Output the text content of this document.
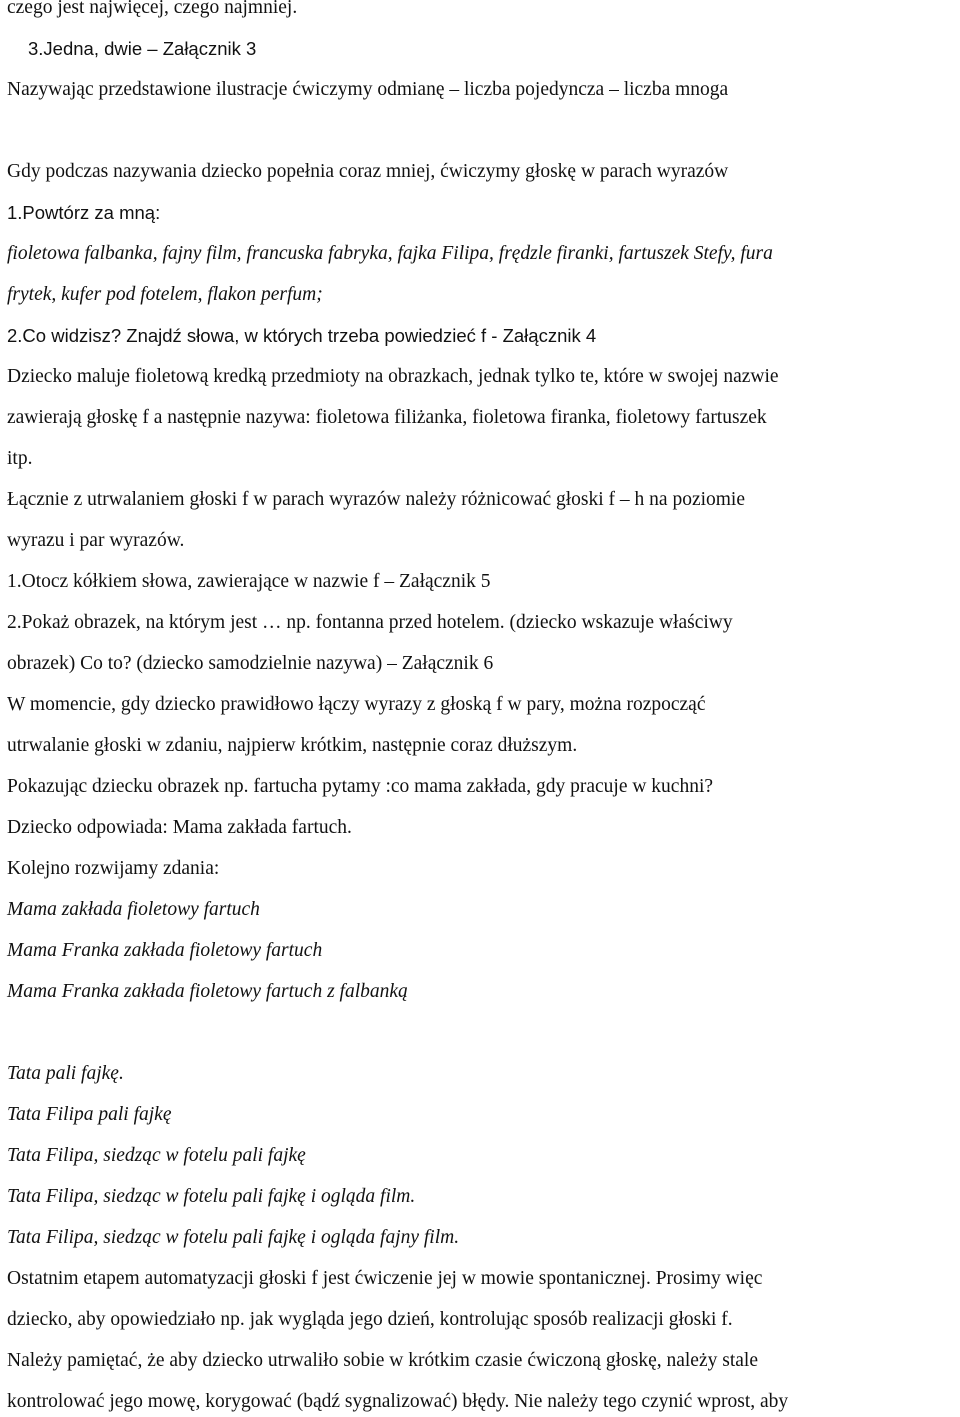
czego jest najwięcej, czego najmniej.
3.Jedna, dwie – Załącznik 3
Nazywając przedstawione ilustracje ćwiczymy odmianę – liczba pojedyncza – liczba mnoga
Gdy podczas nazywania dziecko popełnia coraz mniej, ćwiczymy głoskę w parach wyrazów
1.Powtórz za mną:
fioletowa falbanka, fajny film, francuska fabryka, fajka Filipa, frędzle firanki, fartuszek Stefy, fura
frytek, kufer pod fotelem, flakon perfum;
2.Co widzisz? Znajdź słowa, w których trzeba powiedzieć f - Załącznik 4
Dziecko maluje fioletową kredką przedmioty na obrazkach, jednak tylko te, które w swojej nazwie
zawierają głoskę f a następnie nazywa: fioletowa filiżanka, fioletowa firanka, fioletowy fartuszek
itp.
Łącznie z utrwalaniem głoski f w parach wyrazów należy różnicować głoski f – h na poziomie
wyrazu i par wyrazów.
1.Otocz kółkiem słowa, zawierające w nazwie f – Załącznik 5
2.Pokaż obrazek, na którym jest … np. fontanna przed hotelem. (dziecko wskazuje właściwy
obrazek) Co to? (dziecko samodzielnie nazywa) – Załącznik 6
W momencie, gdy dziecko prawidłowo łączy wyrazy z głoską f w pary, można rozpocząć
utrwalanie głoski w zdaniu, najpierw krótkim, następnie coraz dłuższym.
Pokazując dziecku obrazek np. fartucha pytamy :co mama zakłada, gdy pracuje w kuchni?
Dziecko odpowiada: Mama zakłada fartuch.
Kolejno rozwijamy zdania:
Mama zakłada fioletowy fartuch
Mama Franka zakłada fioletowy fartuch
Mama Franka zakłada fioletowy fartuch z falbanką
Tata pali fajkę.
Tata Filipa pali fajkę
Tata Filipa, siedząc w fotelu pali fajkę
Tata Filipa, siedząc w fotelu pali fajkę i ogląda film.
Tata Filipa, siedząc w fotelu pali fajkę i ogląda fajny film.
Ostatnim etapem automatyzacji głoski f jest ćwiczenie jej w mowie spontanicznej. Prosimy więc
dziecko, aby opowiedziało np. jak wygląda jego dzień, kontrolując sposób realizacji głoski f.
Należy pamiętać, że aby dziecko utrwaliło sobie w krótkim czasie ćwiczoną głoskę, należy stale
kontrolować jego mowę, korygować (bądź sygnalizować) błędy. Nie należy tego czynić wprost, aby
